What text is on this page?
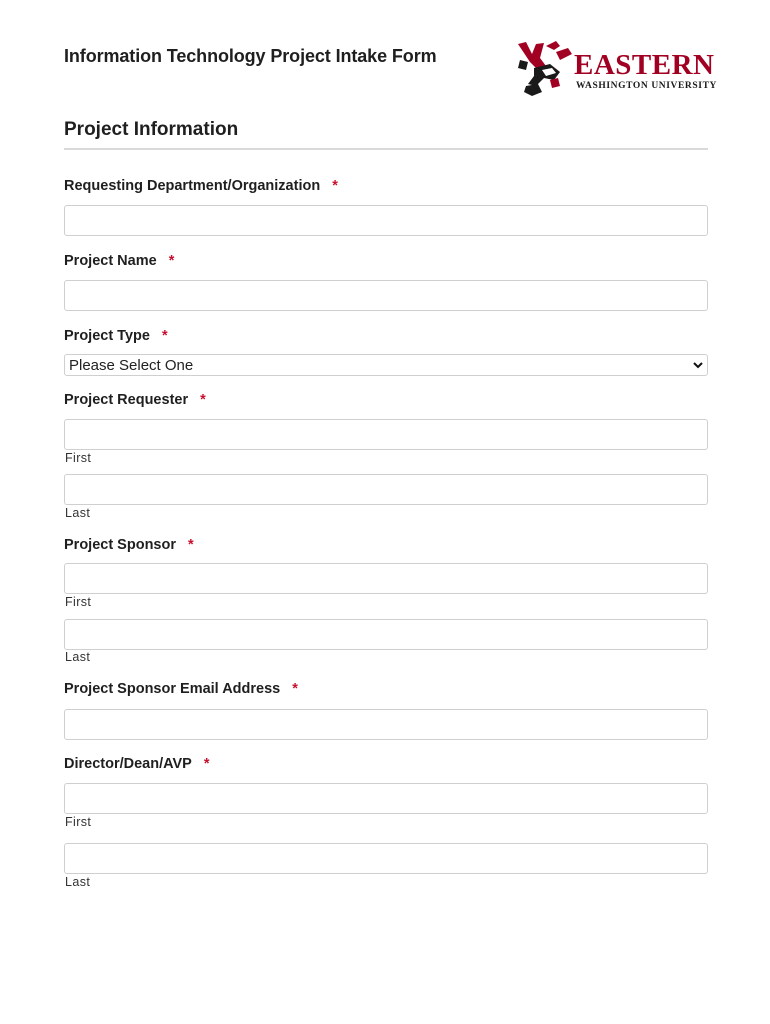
Information Technology Project Intake Form	EASTERN
WASHINGTON UNIVERSITY
Project Information
Requesting Department/Organization *
Project Name *
Project Type *
Please Select One
Project Requester *
First
Last
Project Sponsor *
First
Last
Project Sponsor Email Address *
Director/Dean/AVP *
First
Last
